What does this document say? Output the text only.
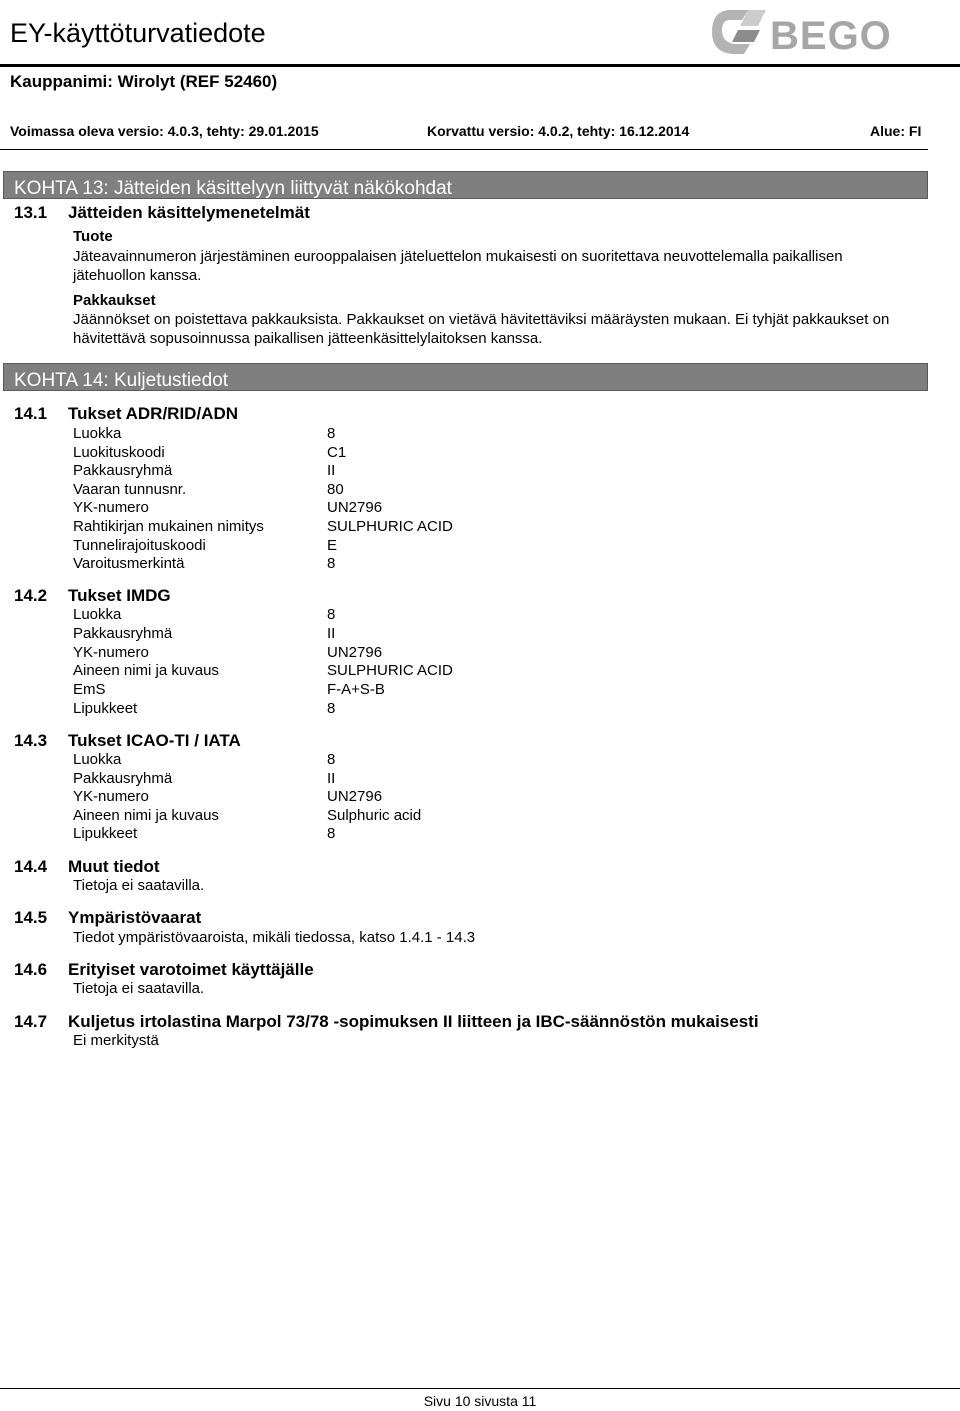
EY-käyttöturvatiedote	BEGO
Kauppanimi: Wirolyt (REF 52460)
Voimassa oleva versio: 4.0.3, tehty: 29.01.2015	Korvattu versio: 4.0.2, tehty: 16.12.2014	Alue: FI
KOHTA 13: Jätteiden käsittelyyn liittyvät näkökohdat
13.1 Jätteiden käsittelymenetelmät
Tuote
Jäteavainnumeron järjestäminen eurooppalaisen jäteluettelon mukaisesti on suoritettava neuvottelemalla paikallisen jätehuollon kanssa.
Pakkaukset
Jäännökset on poistettava pakkauksista. Pakkaukset on vietävä hävitettäviksi määräysten mukaan. Ei tyhjät pakkaukset on hävitettävä sopusoinnussa paikallisen jätteenkäsittelylaitoksen kanssa.
KOHTA 14: Kuljetustiedot
14.1 Tukset ADR/RID/ADN
Luokka	8
Luokituskoodi	C1
Pakkausryhmä	II
Vaaran tunnusnr.	80
YK-numero	UN2796
Rahtikirjan mukainen nimitys	SULPHURIC ACID
Tunnelirajoituskoodi	E
Varoitusmerkintä	8
14.2 Tukset IMDG
Luokka	8
Pakkausryhmä	II
YK-numero	UN2796
Aineen nimi ja kuvaus	SULPHURIC ACID
EmS	F-A+S-B
Lipukkeet	8
14.3 Tukset ICAO-TI / IATA
Luokka	8
Pakkausryhmä	II
YK-numero	UN2796
Aineen nimi ja kuvaus	Sulphuric acid
Lipukkeet	8
14.4 Muut tiedot
Tietoja ei saatavilla.
14.5 Ympäristövaarat
Tiedot ympäristövaaroista, mikäli tiedossa, katso 1.4.1 - 14.3
14.6 Erityiset varotoimet käyttäjälle
Tietoja ei saatavilla.
14.7 Kuljetus irtolastina Marpol 73/78 -sopimuksen II liitteen ja IBC-säännöstön mukaisesti
Ei merkitystä
Sivu 10 sivusta 11
